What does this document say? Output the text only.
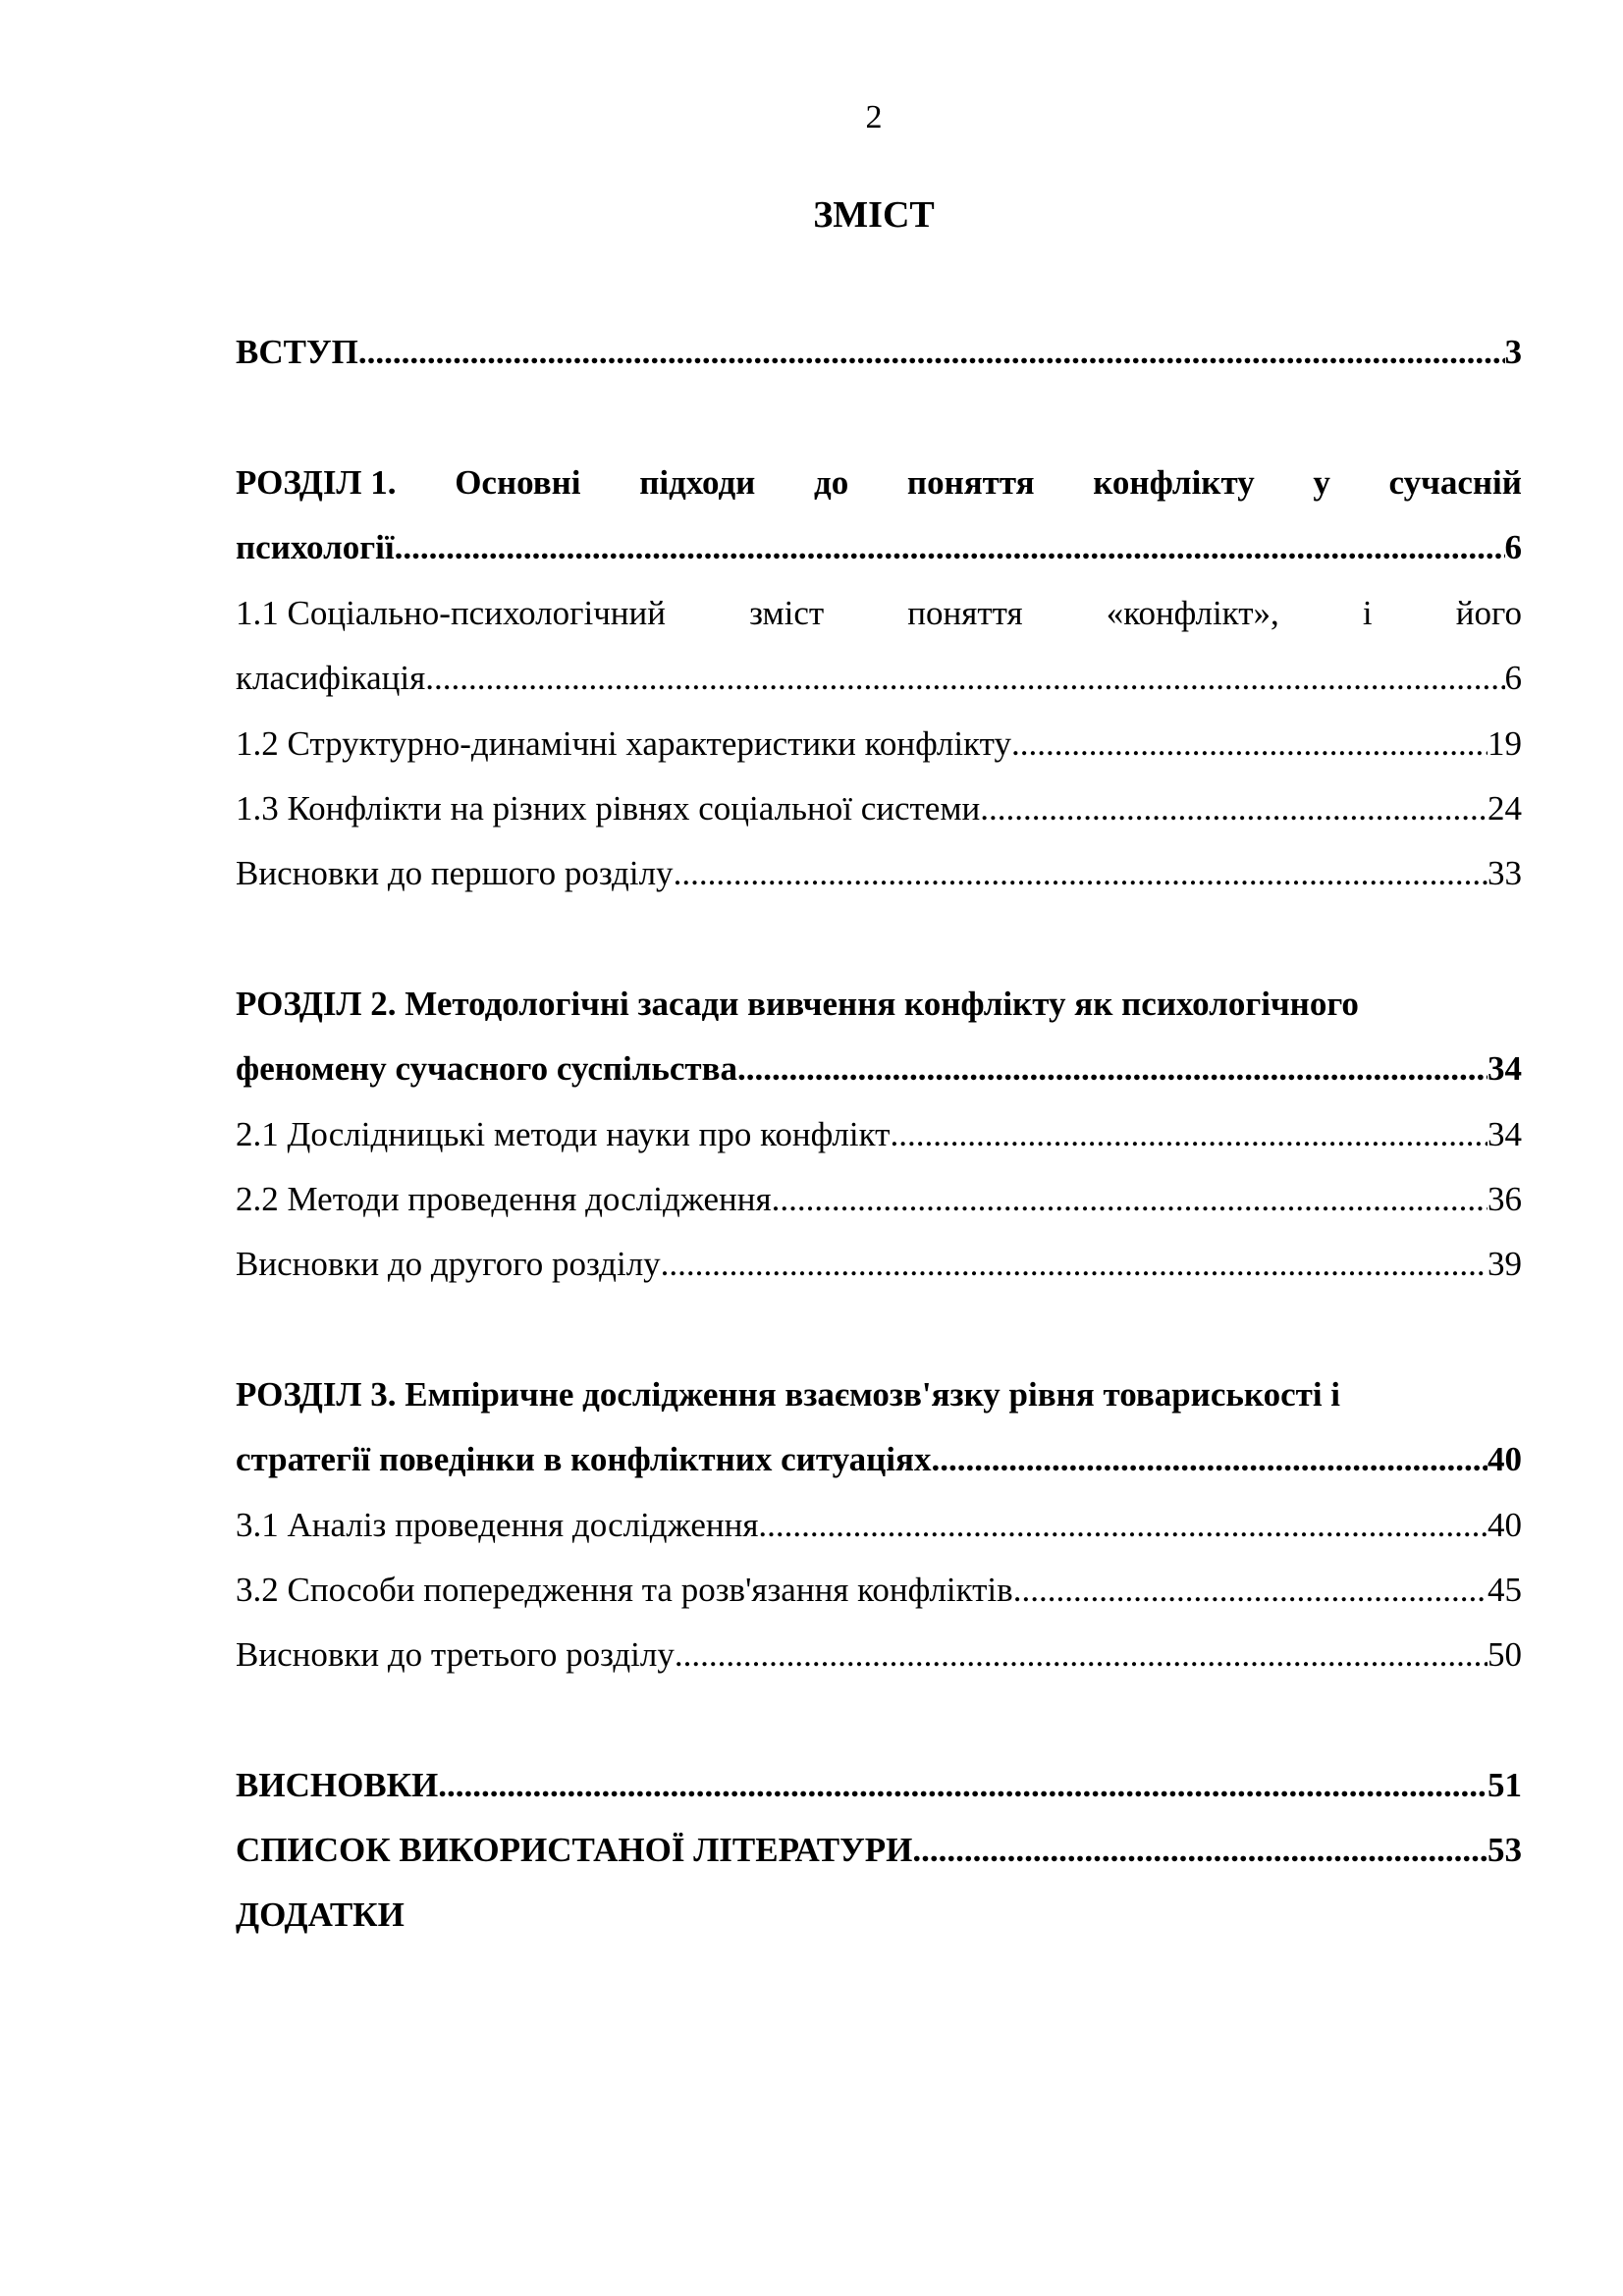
2
ЗМІСТ
ВСТУП .....	3
РОЗДІЛ 1. Основні підходи до поняття конфлікту у сучасній
психології .....	6
1.1 Соціально-психологічний зміст поняття «конфлікт», і його
класифікація .....	6
1.2 Структурно-динамічні характеристики конфлікту .....	19
1.3 Конфлікти на різних рівнях соціальної системи .....	24
Висновки до першого розділу .....	33
РОЗДІЛ 2. Методологічні засади вивчення конфлікту як психологічного
феномену сучасного суспільства .....	34
2.1 Дослідницькі методи науки про конфлікт .....	34
2.2 Методи проведення дослідження .....	36
Висновки до другого розділу .....	39
РОЗДІЛ 3. Емпіричне дослідження взаємозв'язку рівня товариськості і
стратегії поведінки в конфліктних ситуаціях .....	40
3.1 Аналіз проведення дослідження .....	40
3.2 Способи попередження та розв'язання конфліктів .....	45
Висновки до третього розділу .....	50
ВИСНОВКИ .....	51
СПИСОК ВИКОРИСТАНОЇ ЛІТЕРАТУРИ .....	53
ДОДАТКИ
